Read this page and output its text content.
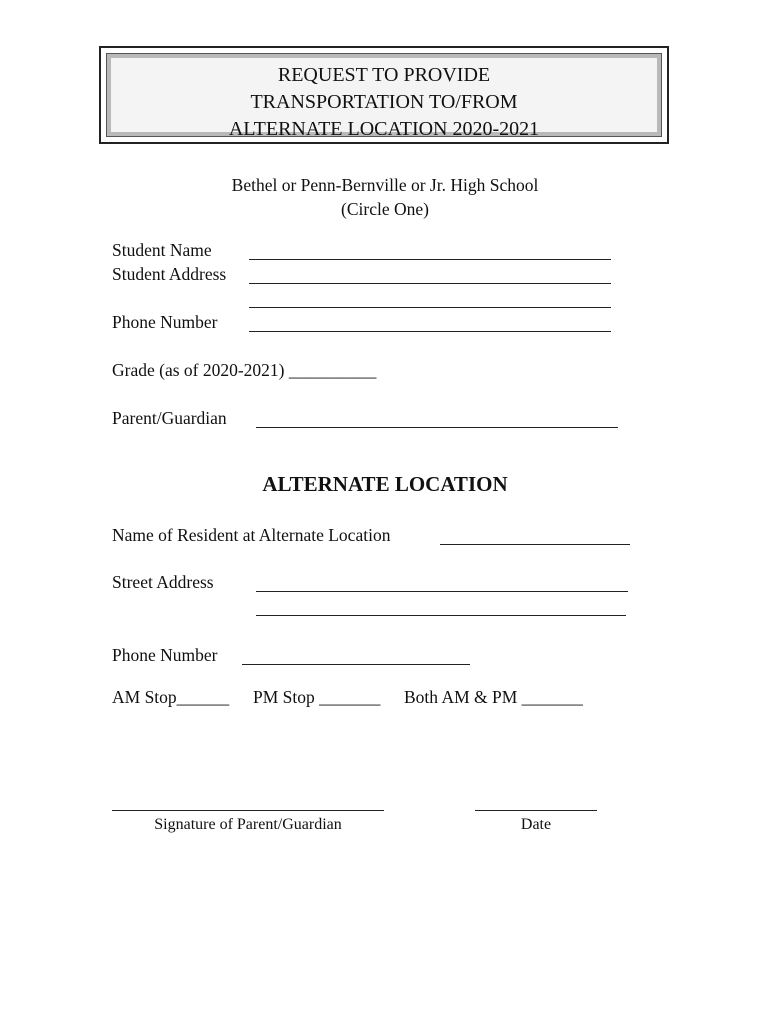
REQUEST TO PROVIDE
TRANSPORTATION TO/FROM
ALTERNATE LOCATION 2020-2021
Bethel or Penn-Bernville or Jr. High School
(Circle One)
Student Name
Student Address
Phone Number
Grade (as of 2020-2021) __________
Parent/Guardian
ALTERNATE LOCATION
Name of Resident at Alternate Location
Street Address
Phone Number
AM Stop______ PM Stop _______ Both AM & PM _______
Signature of Parent/Guardian	Date
